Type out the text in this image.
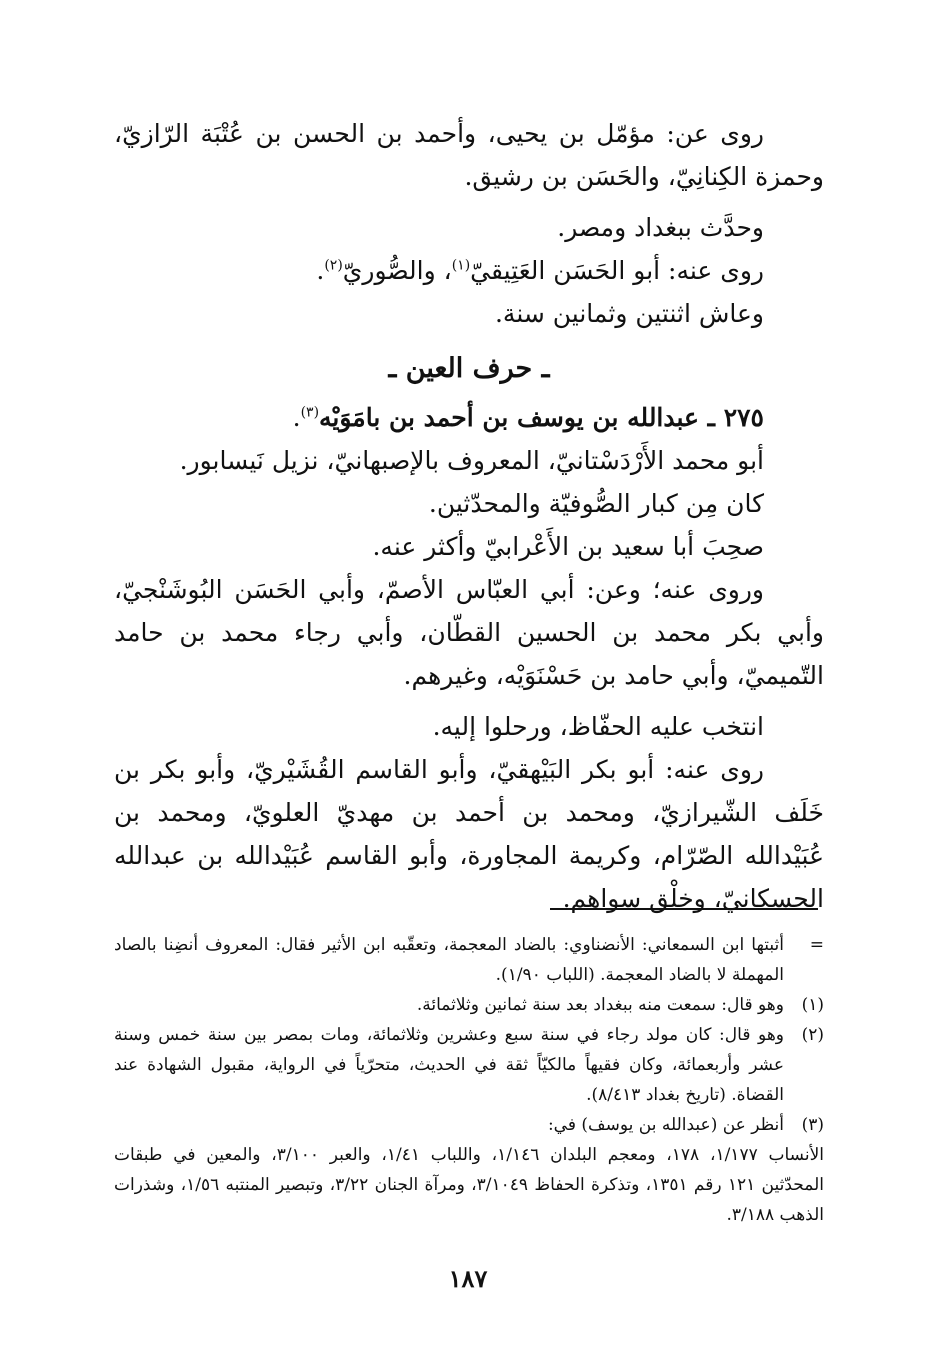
روى عن: مؤمّل بن يحيى، وأحمد بن الحسن بن عُتْبَة الرّازيّ، وحمزة الكِنانِيّ، والحَسَن بن رشيق.

وحدَّث ببغداد ومصر.

روى عنه: أبو الحَسَن العَتِيقيّ$^{(١)}$، والصُّوريّ$^{(٢)}$.

وعاش اثنتين وثمانين سنة.

ـ حرف العين ـ

٢٧٥ ـ عبدالله بن يوسف بن أحمد بن بامَوَيْه$^{(٣)}$.

أبو محمد الأَرْدَسْتانيّ، المعروف بالإصبهانيّ، نزيل نَيسابور.

كان مِن كبار الصُّوفيّة والمحدّثين.

صحِبَ أبا سعيد بن الأَعْرابيّ وأكثر عنه.

وروى عنه؛ وعن: أبي العبّاس الأصمّ، وأبي الحَسَن البُوشَنْجيّ، وأبي بكر محمد بن الحسين القطّان، وأبي رجاء محمد بن حامد التّميميّ، وأبي حامد بن حَسْنَوَيْه، وغيرهم.

انتخب عليه الحفّاظ، ورحلوا إليه.

روى عنه: أبو بكر البَيْهقيّ، وأبو القاسم القُشَيْريّ، وأبو بكر بن خَلَف الشّيرازيّ، ومحمد بن أحمد بن مهديّ العلويّ، ومحمد بن عُبَيْدالله الصّرّام، وكريمة المجاورة، وأبو القاسم عُبَيْدالله بن عبدالله الحسكانيّ، وخلْق سواهم.

=
أثبتها ابن السمعاني: الأنضناوي: بالضاد المعجمة، وتعقّبه ابن الأثير فقال: المعروف أنضِنا بالصاد المهملة لا بالضاد المعجمة. (اللباب ١/٩٠).
(١)
وهو قال: سمعت منه ببغداد بعد سنة ثمانين وثلاثمائة.
(٢)
وهو قال: كان مولد رجاء في سنة سبع وعشرين وثلاثمائة، ومات بمصر بين سنة خمس وسنة عشر وأربعمائة، وكان فقيهاً مالكيّاً ثقة في الحديث، متحرّياً في الرواية، مقبول الشهادة عند القضاة. (تاريخ بغداد ٨/٤١٣).
(٣)
أنظر عن (عبدالله بن يوسف) في:
الأنساب ١/١٧٧، ١٧٨، ومعجم البلدان ١/١٤٦، واللباب ١/٤١، والعبر ٣/١٠٠، والمعين في طبقات المحدّثين ١٢١ رقم ١٣٥١، وتذكرة الحفاظ ٣/١٠٤٩، ومرآة الجنان ٣/٢٢، وتبصير المنتبه ١/٥٦، وشذرات الذهب ٣/١٨٨.
١٨٧
